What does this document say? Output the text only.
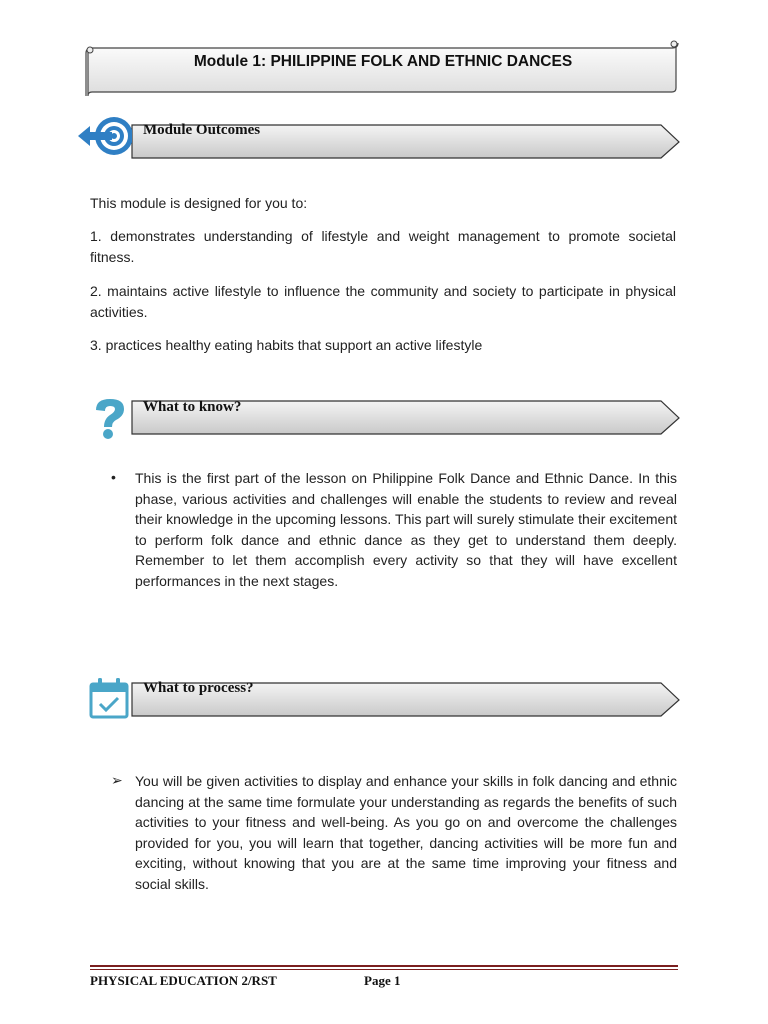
Module 1: PHILIPPINE FOLK AND ETHNIC DANCES
Module Outcomes
This module is designed for you to:
1. demonstrates understanding of lifestyle and weight management to promote societal fitness.
2. maintains active lifestyle to influence the community and society to participate in physical activities.
3. practices healthy eating habits that support an active lifestyle
What to know?
• This is the first part of the lesson on Philippine Folk Dance and Ethnic Dance. In this phase, various activities and challenges will enable the students to review and reveal their knowledge in the upcoming lessons. This part will surely stimulate their excitement to perform folk dance and ethnic dance as they get to understand them deeply. Remember to let them accomplish every activity so that they will have excellent performances in the next stages.
What to process?
➢ You will be given activities to display and enhance your skills in folk dancing and ethnic dancing at the same time formulate your understanding as regards the benefits of such activities to your fitness and well-being. As you go on and overcome the challenges provided for you, you will learn that together, dancing activities will be more fun and exciting, without knowing that you are at the same time improving your fitness and social skills.
PHYSICAL EDUCATION 2/RST	Page 1
